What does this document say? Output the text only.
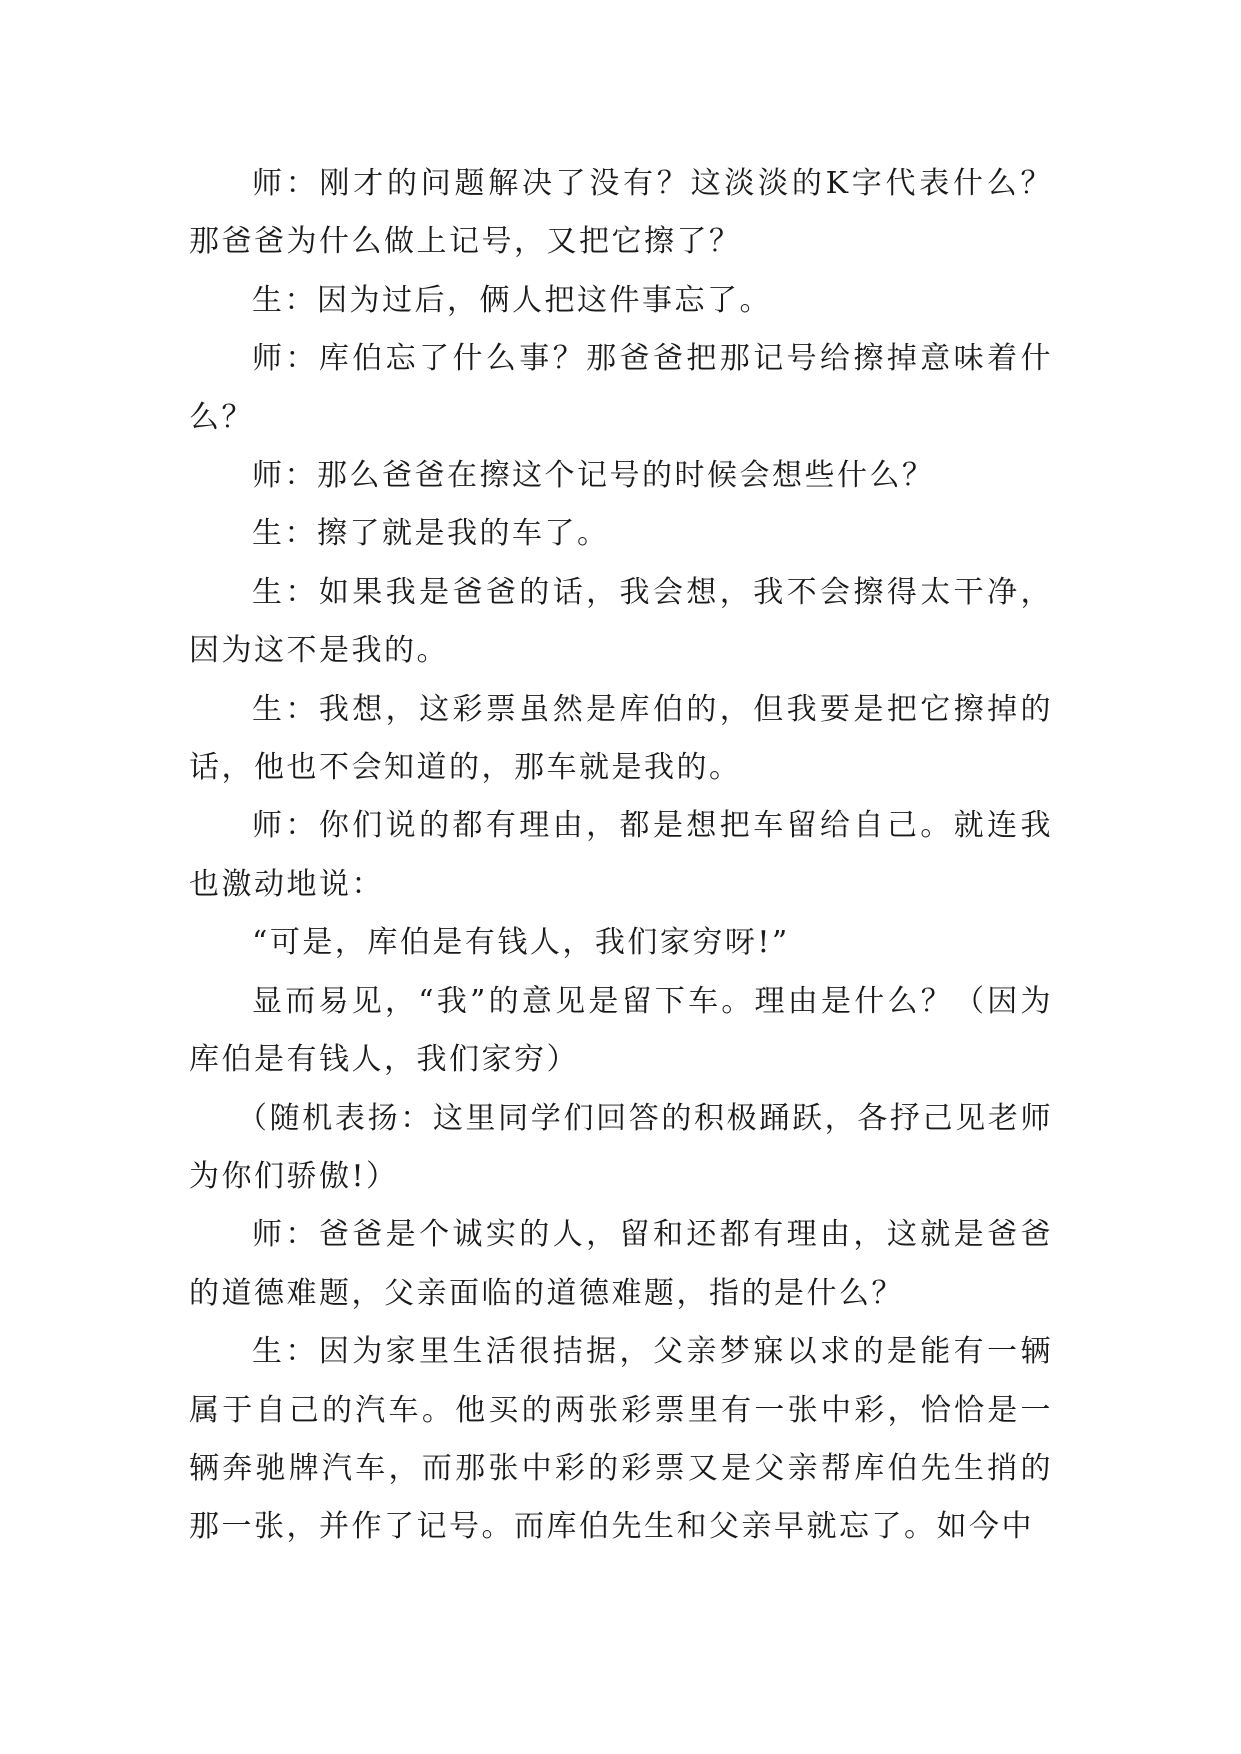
师：刚才的问题解决了没有？这淡淡的K字代表什么？那爸爸为什么做上记号，又把它擦了？

生：因为过后，俩人把这件事忘了。

师：库伯忘了什么事？那爸爸把那记号给擦掉意味着什么？

师：那么爸爸在擦这个记号的时候会想些什么？

生：擦了就是我的车了。

生：如果我是爸爸的话，我会想，我不会擦得太干净，因为这不是我的。

生：我想，这彩票虽然是库伯的，但我要是把它擦掉的话，他也不会知道的，那车就是我的。

师：你们说的都有理由，都是想把车留给自己。就连我也激动地说：

“可是，库伯是有钱人，我们家穷呀!”

显而易见，“我”的意见是留下车。理由是什么？（因为库伯是有钱人，我们家穷）

（随机表扬：这里同学们回答的积极踊跃，各抒己见老师为你们骄傲!）

师：爸爸是个诚实的人，留和还都有理由，这就是爸爸的道德难题，父亲面临的道德难题，指的是什么？

生：因为家里生活很拮据，父亲梦寐以求的是能有一辆属于自己的汽车。他买的两张彩票里有一张中彩，恰恰是一辆奔驰牌汽车，而那张中彩的彩票又是父亲帮库伯先生捎的那一张，并作了记号。而库伯先生和父亲早就忘了。如今中
